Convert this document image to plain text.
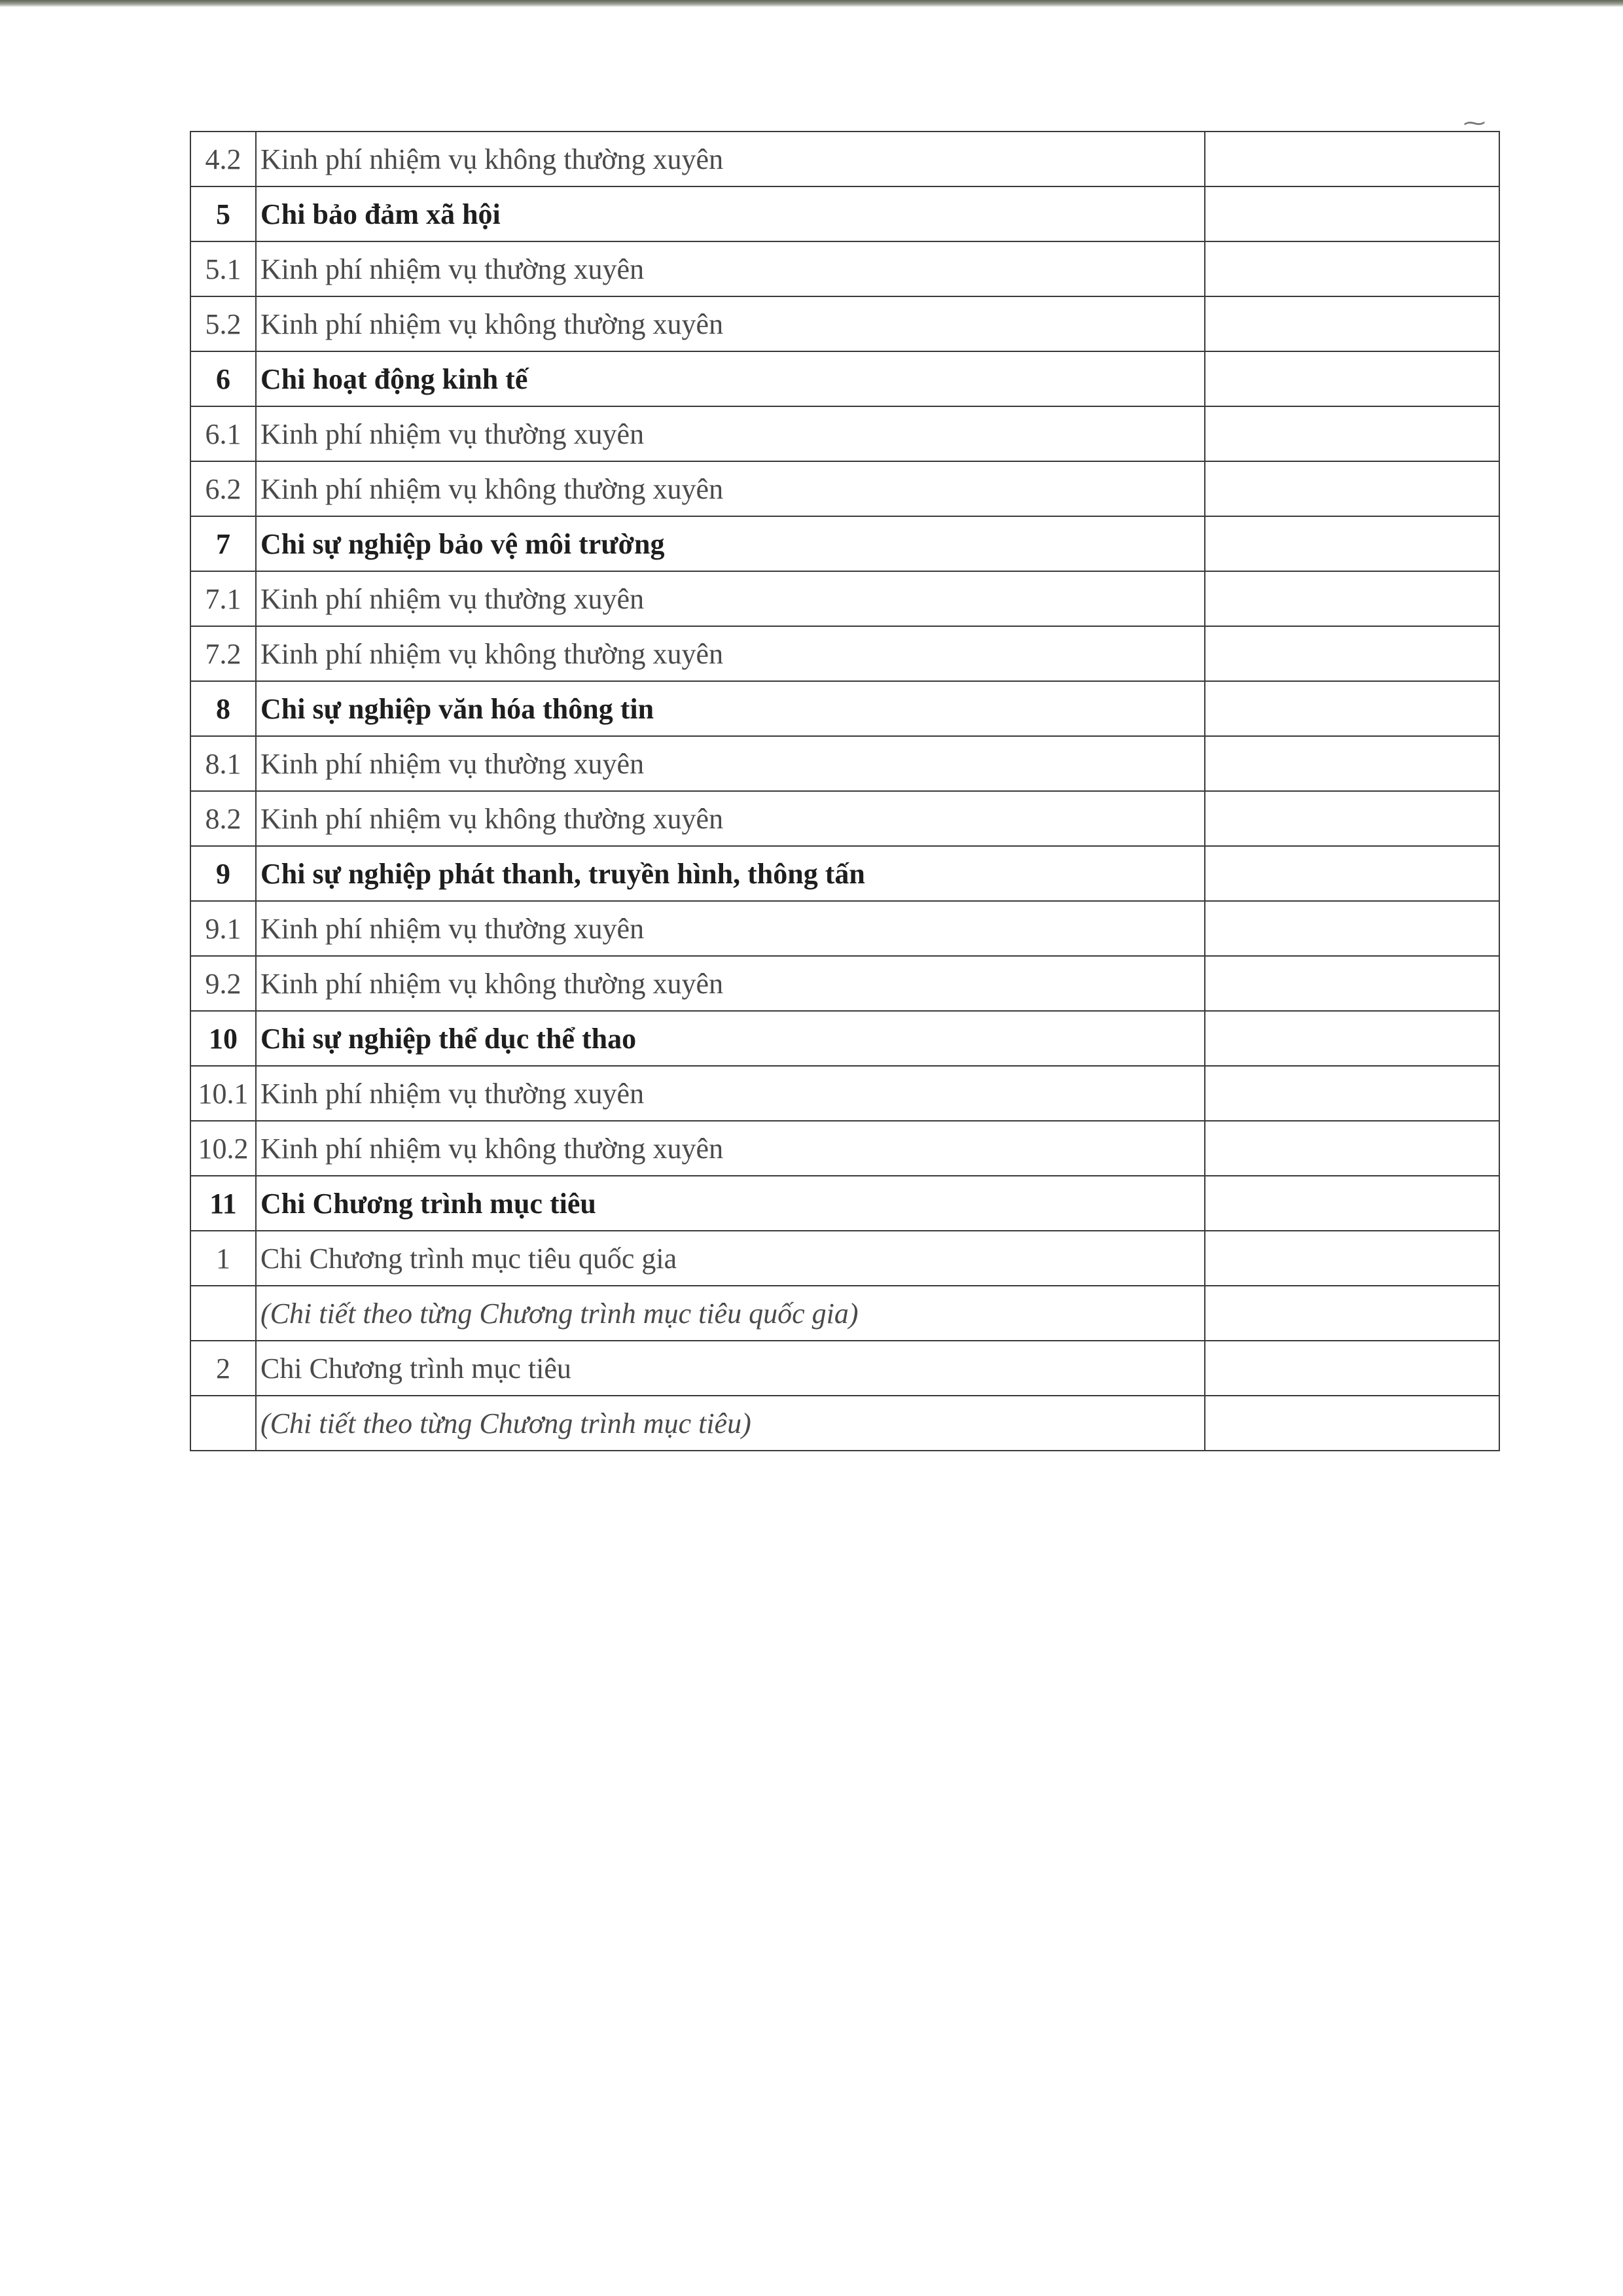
⁓
4.2	Kinh phí nhiệm vụ không thường xuyên	
5	Chi bảo đảm xã hội	
5.1	Kinh phí nhiệm vụ thường xuyên	
5.2	Kinh phí nhiệm vụ không thường xuyên	
6	Chi hoạt động kinh tế	
6.1	Kinh phí nhiệm vụ thường xuyên	
6.2	Kinh phí nhiệm vụ không thường xuyên	
7	Chi sự nghiệp bảo vệ môi trường	
7.1	Kinh phí nhiệm vụ thường xuyên	
7.2	Kinh phí nhiệm vụ không thường xuyên	
8	Chi sự nghiệp văn hóa thông tin	
8.1	Kinh phí nhiệm vụ thường xuyên	
8.2	Kinh phí nhiệm vụ không thường xuyên	
9	Chi sự nghiệp phát thanh, truyền hình, thông tấn	
9.1	Kinh phí nhiệm vụ thường xuyên	
9.2	Kinh phí nhiệm vụ không thường xuyên	
10	Chi sự nghiệp thể dục thể thao	
10.1	Kinh phí nhiệm vụ thường xuyên	
10.2	Kinh phí nhiệm vụ không thường xuyên	
11	Chi Chương trình mục tiêu	
1	Chi Chương trình mục tiêu quốc gia	
	(Chi tiết theo từng Chương trình mục tiêu quốc gia)	
2	Chi Chương trình mục tiêu	
	(Chi tiết theo từng Chương trình mục tiêu)	
